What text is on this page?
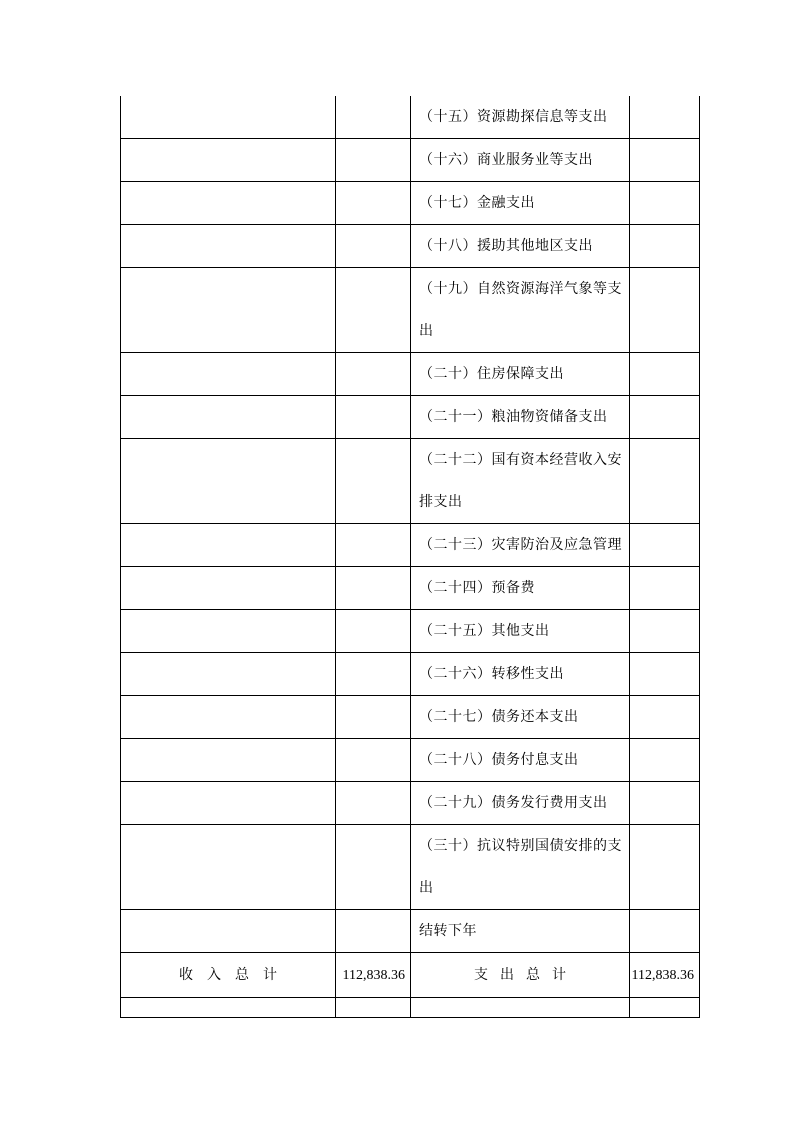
		（十五）资源勘探信息等支出	
		（十六）商业服务业等支出	
		（十七）金融支出	
		（十八）援助其他地区支出	
		（十九）自然资源海洋气象等支出	
		（二十）住房保障支出	
		（二十一）粮油物资储备支出	
		（二十二）国有资本经营收入安排支出	
		（二十三）灾害防治及应急管理	
		（二十四）预备费	
		（二十五）其他支出	
		（二十六）转移性支出	
		（二十七）债务还本支出	
		（二十八）债务付息支出	
		（二十九）债务发行费用支出	
		（三十）抗议特别国债安排的支出	
		结转下年	
收入总计	112,838.36	支出总计	112,838.36
